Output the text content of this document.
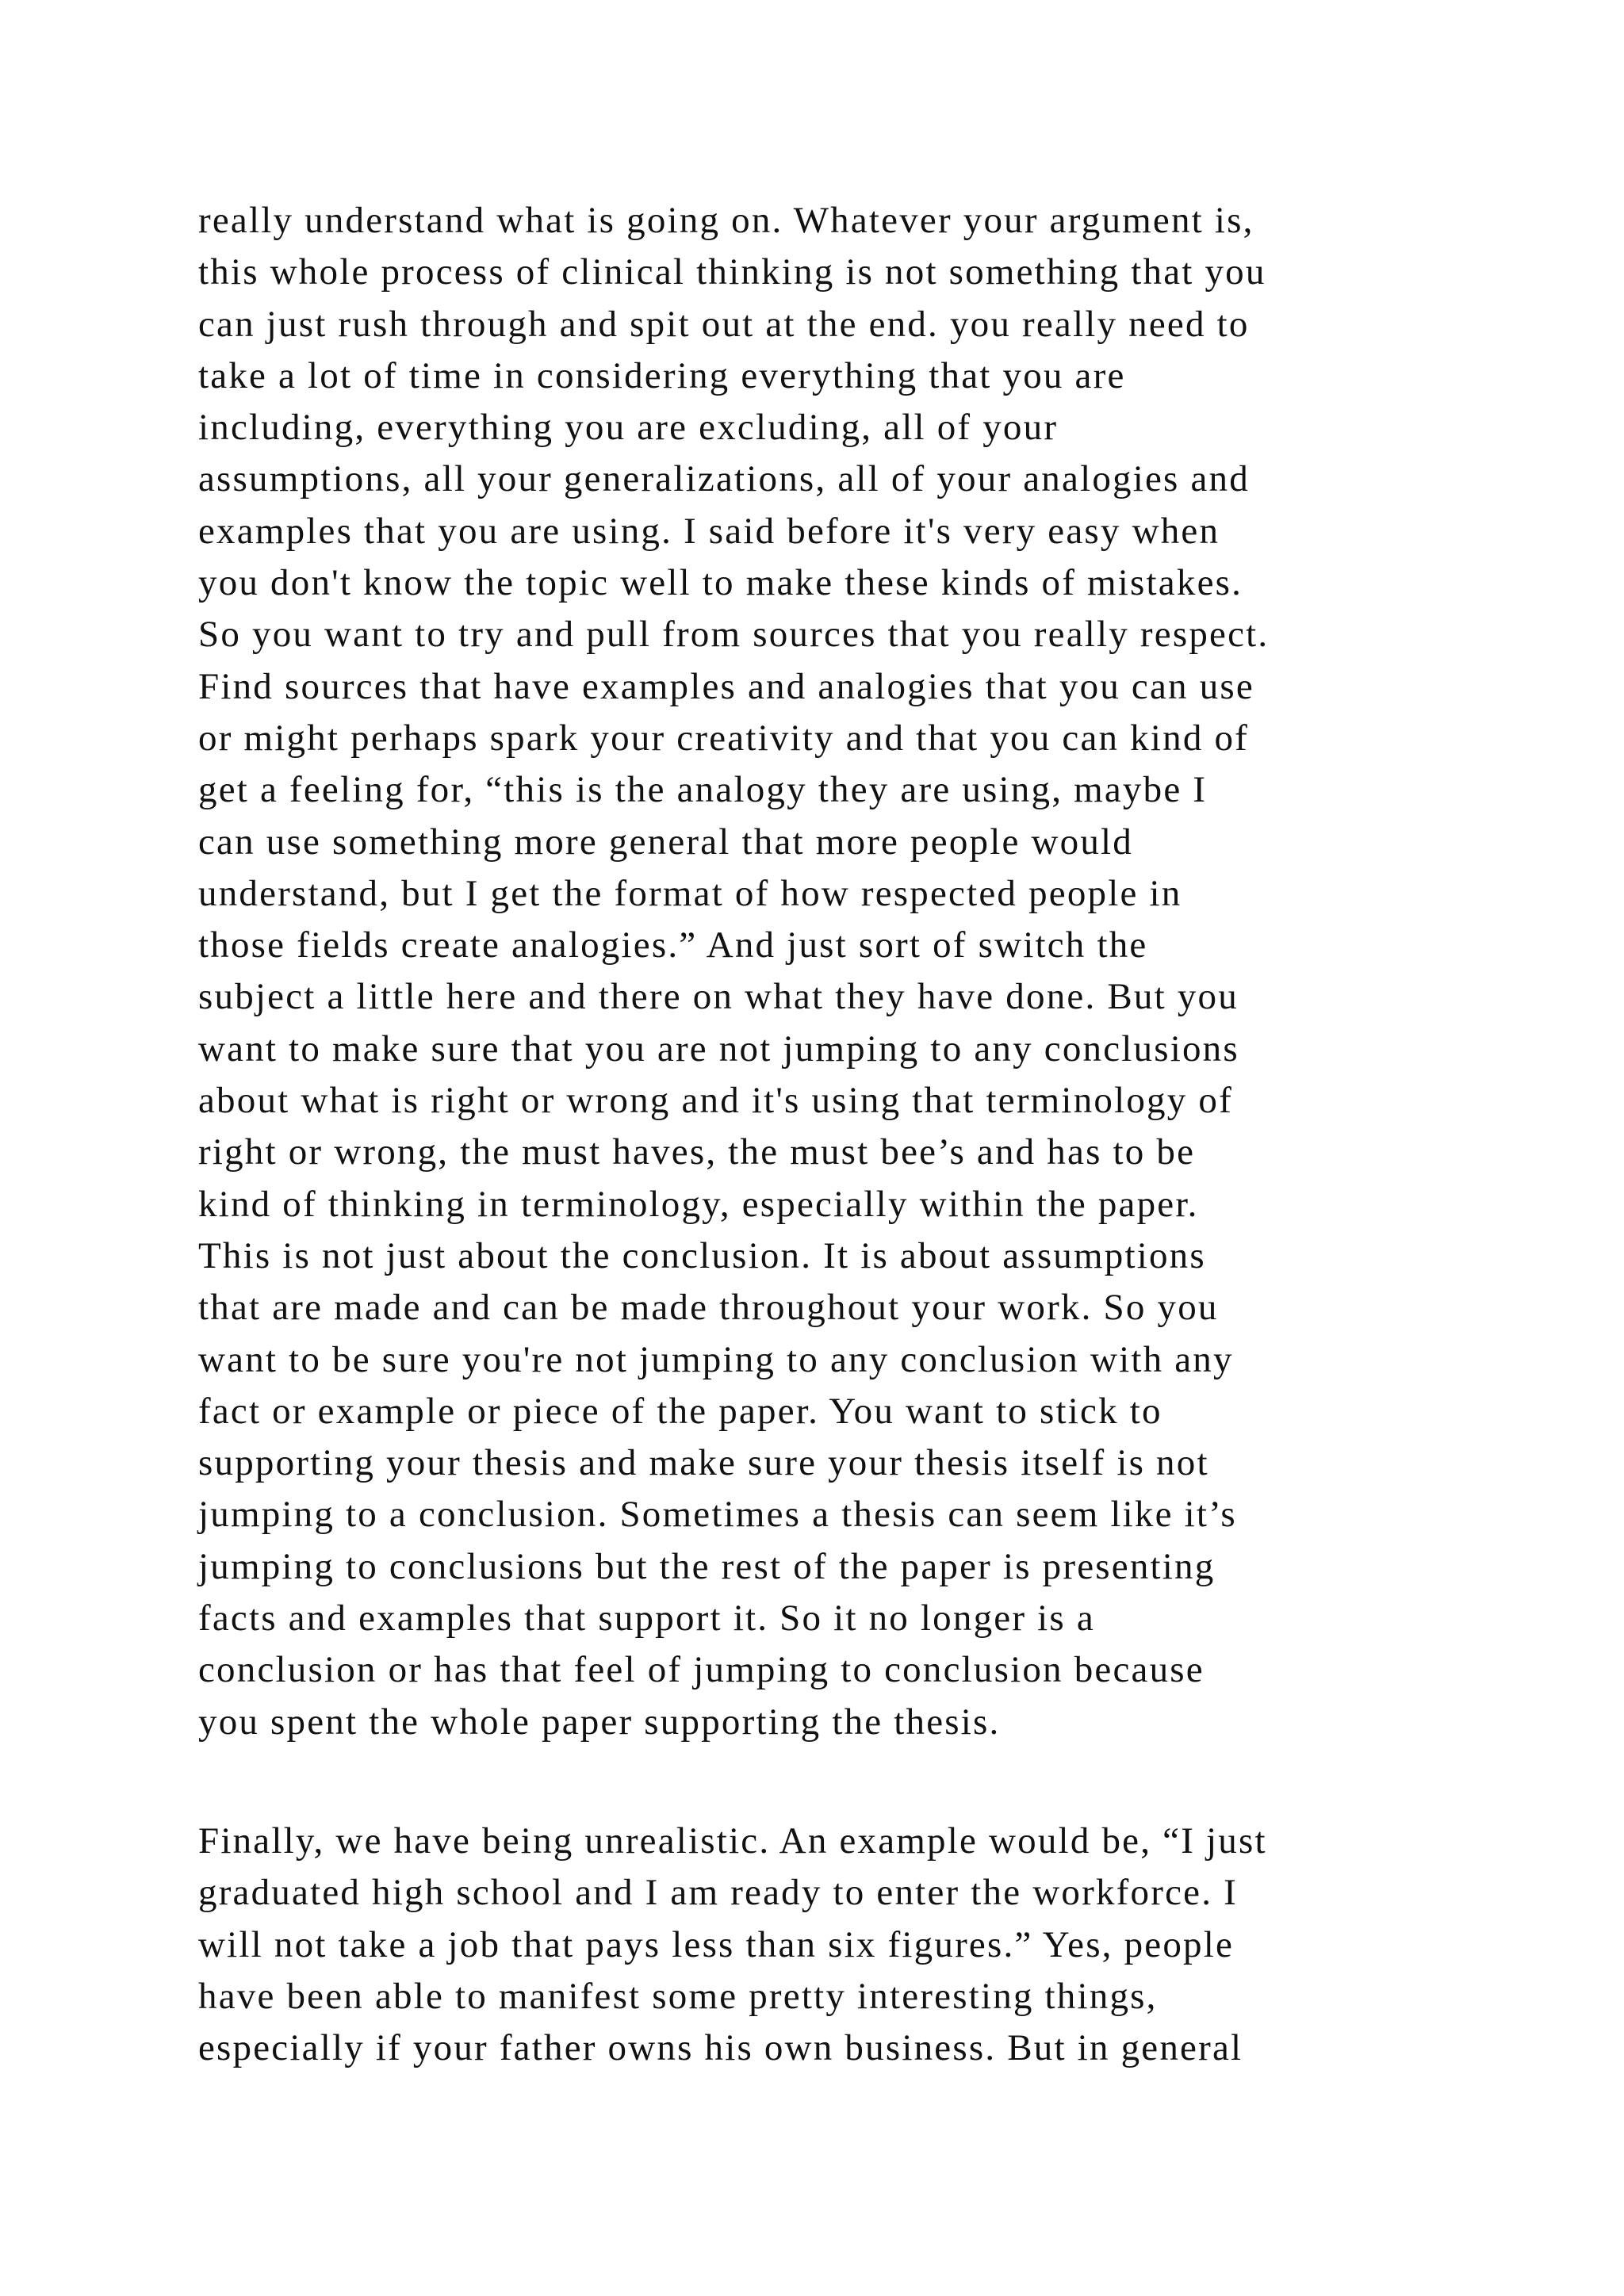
really understand what is going on. Whatever your argument is,
this whole process of clinical thinking is not something that you
can just rush through and spit out at the end. you really need to
take a lot of time in considering everything that you are
including, everything you are excluding, all of your
assumptions, all your generalizations, all of your analogies and
examples that you are using. I said before it's very easy when
you don't know the topic well to make these kinds of mistakes.
So you want to try and pull from sources that you really respect.
Find sources that have examples and analogies that you can use
or might perhaps spark your creativity and that you can kind of
get a feeling for, “this is the analogy they are using, maybe I
can use something more general that more people would
understand, but I get the format of how respected people in
those fields create analogies.” And just sort of switch the
subject a little here and there on what they have done. But you
want to make sure that you are not jumping to any conclusions
about what is right or wrong and it's using that terminology of
right or wrong, the must haves, the must bee’s and has to be
kind of thinking in terminology, especially within the paper.
This is not just about the conclusion. It is about assumptions
that are made and can be made throughout your work. So you
want to be sure you're not jumping to any conclusion with any
fact or example or piece of the paper. You want to stick to
supporting your thesis and make sure your thesis itself is not
jumping to a conclusion. Sometimes a thesis can seem like it’s
jumping to conclusions but the rest of the paper is presenting
facts and examples that support it. So it no longer is a
conclusion or has that feel of jumping to conclusion because
you spent the whole paper supporting the thesis.
Finally, we have being unrealistic. An example would be, “I just
graduated high school and I am ready to enter the workforce. I
will not take a job that pays less than six figures.” Yes, people
have been able to manifest some pretty interesting things,
especially if your father owns his own business. But in general
